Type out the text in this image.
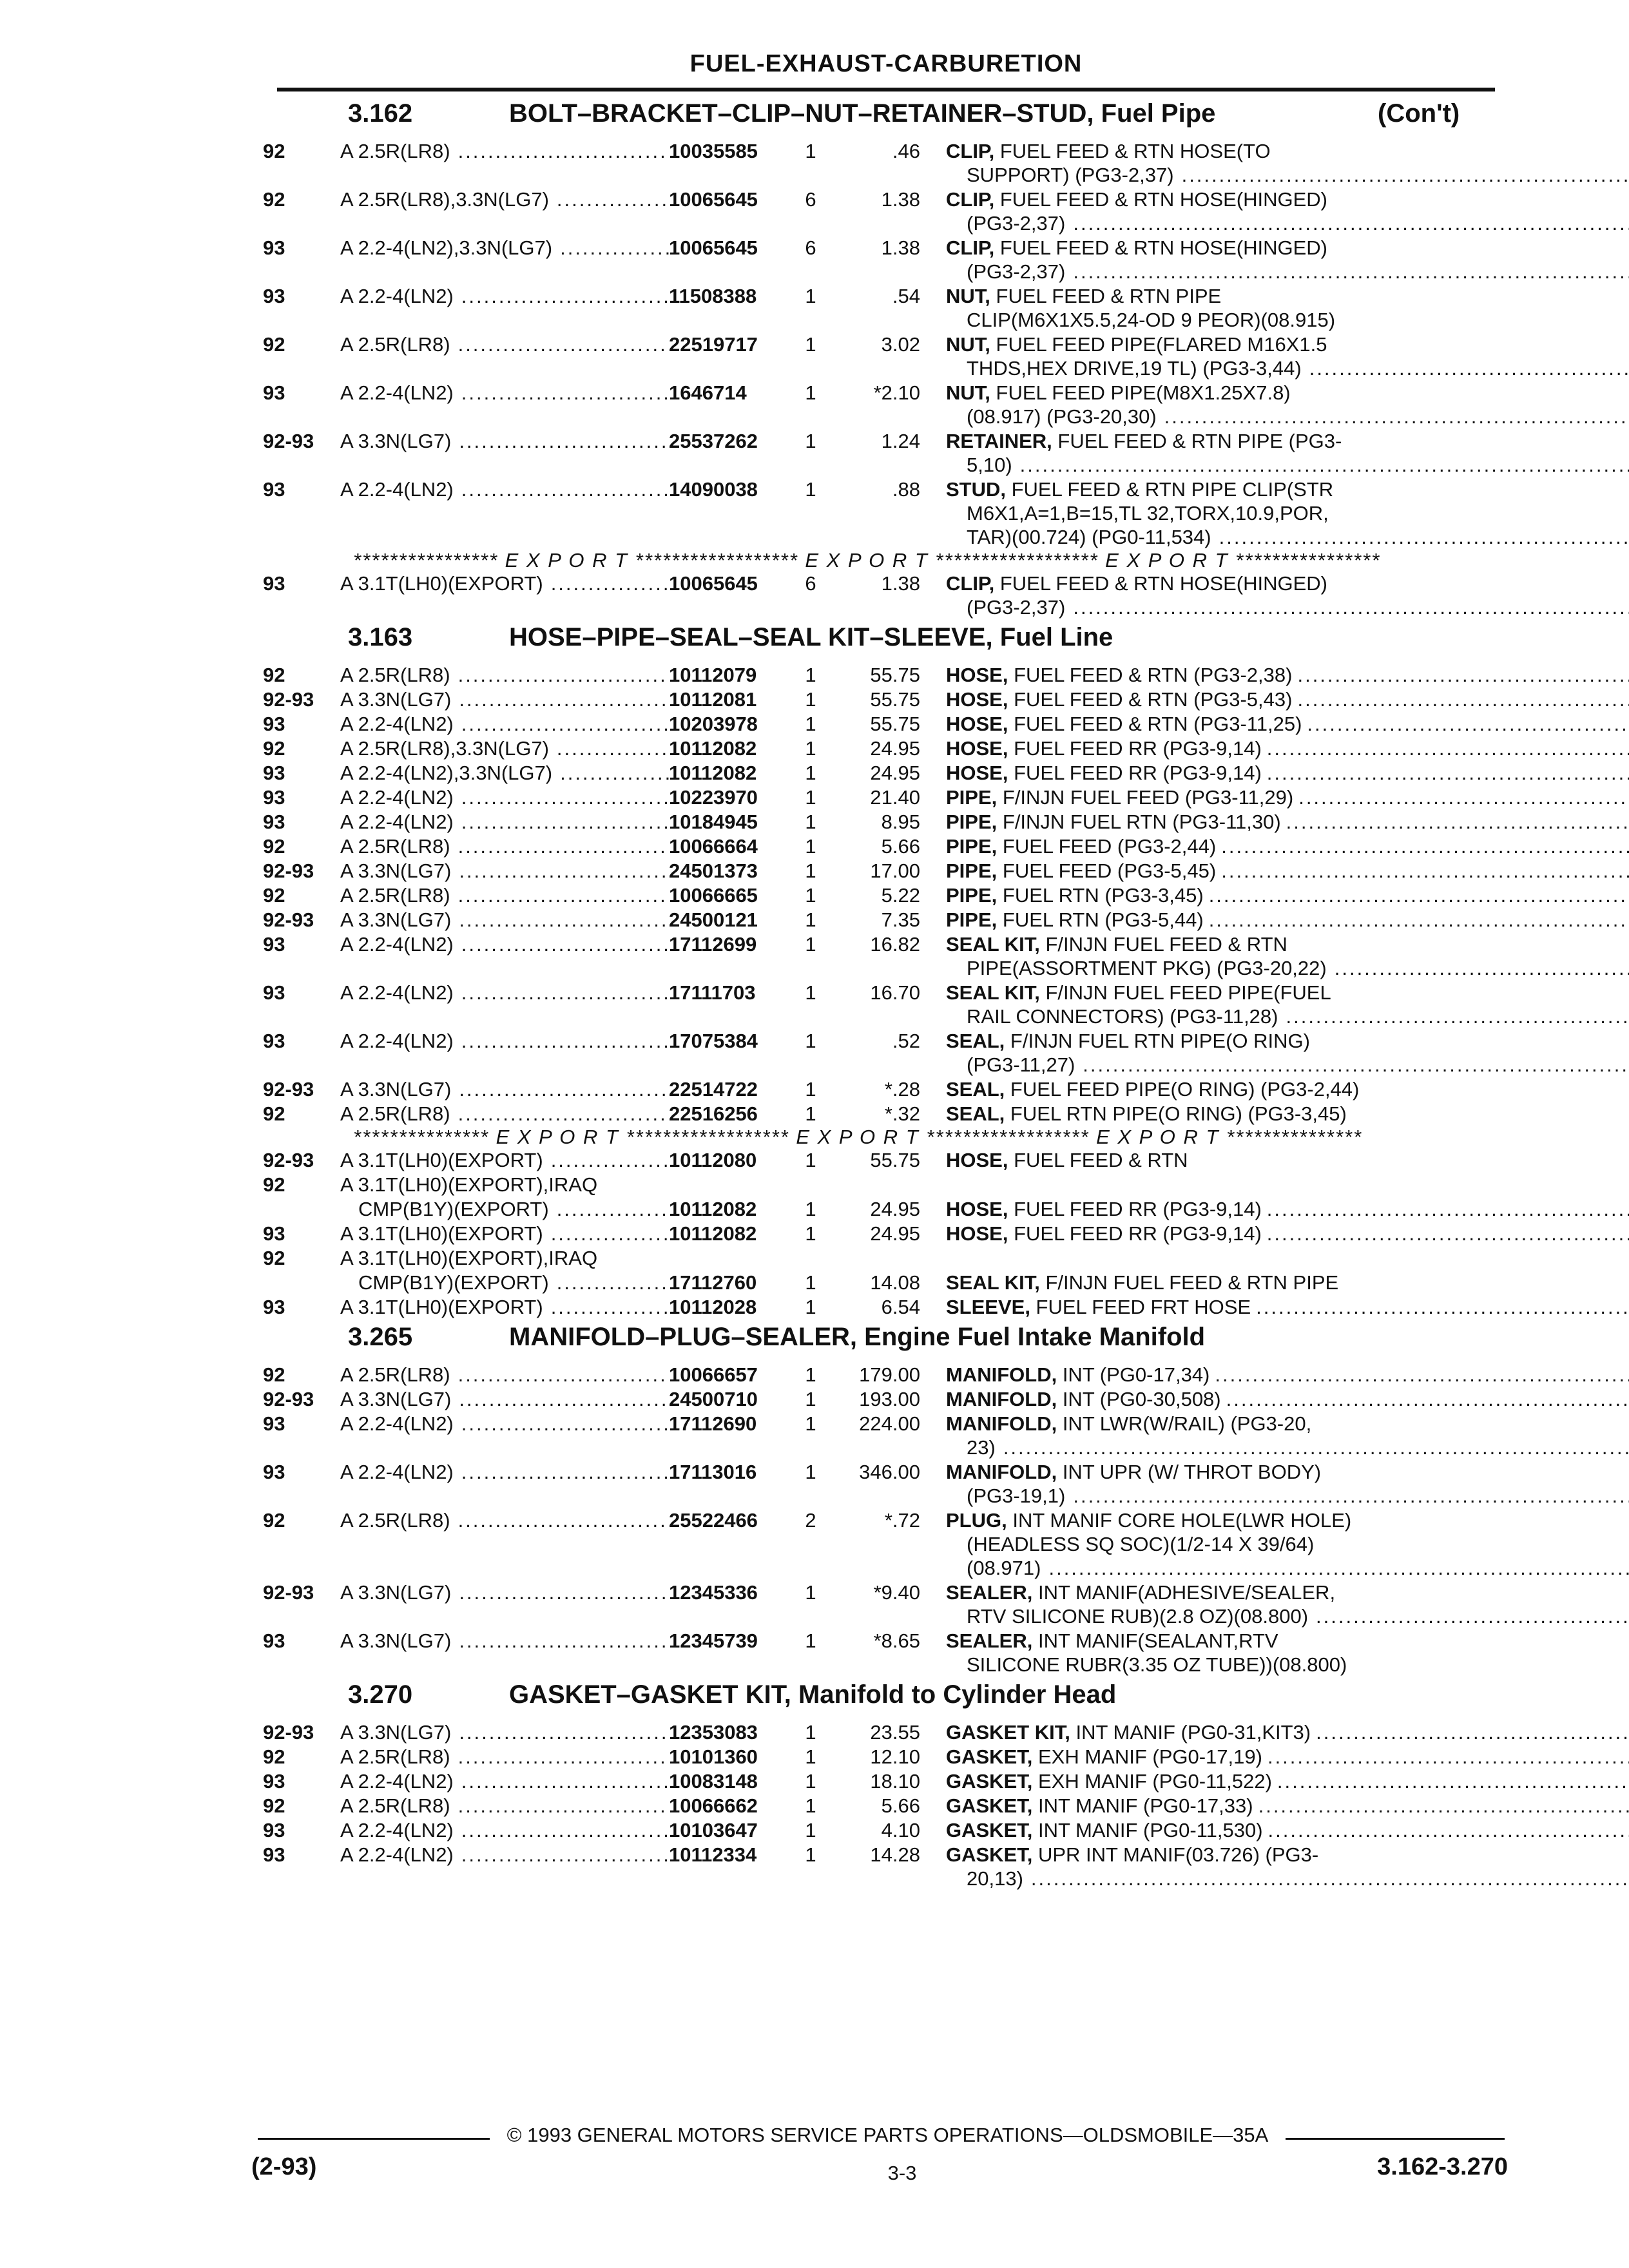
FUEL-EXHAUST-CARBURETION
3.162	BOLT–BRACKET–CLIP–NUT–RETAINER–STUD, Fuel Pipe	(Con't)
92	A 2.5R(LR8) .....	10035585	1	.46	CLIP, FUEL FEED & RTN HOSE(TO
SUPPORT) (PG3-2,37)
.....
92	A 2.5R(LR8),3.3N(LG7) .....	10065645	6	1.38	CLIP, FUEL FEED & RTN HOSE(HINGED)
(PG3-2,37)
.....
93	A 2.2-4(LN2),3.3N(LG7) .....	10065645	6	1.38	CLIP, FUEL FEED & RTN HOSE(HINGED)
(PG3-2,37)
.....
93	A 2.2-4(LN2) .....	11508388	1	.54	NUT, FUEL FEED & RTN PIPE
CLIP(M6X1X5.5,24-OD 9 PEOR)(08.915)
92	A 2.5R(LR8) .....	22519717	1	3.02	NUT, FUEL FEED PIPE(FLARED M16X1.5
THDS,HEX DRIVE,19 TL) (PG3-3,44)
.....
93	A 2.2-4(LN2) .....	1646714	1	*2.10	NUT, FUEL FEED PIPE(M8X1.25X7.8)
(08.917) (PG3-20,30)
.....
92-93	A 3.3N(LG7) .....	25537262	1	1.24	RETAINER, FUEL FEED & RTN PIPE (PG3-
5,10)
.....
93	A 2.2-4(LN2) .....	14090038	1	.88	STUD, FUEL FEED & RTN PIPE CLIP(STR
M6X1,A=1,B=15,TL 32,TORX,10.9,POR,
TAR)(00.724) (PG0-11,534)
.....
**************** E X P O R T ****************** E X P O R T ****************** E X P O R T ****************
93	A 3.1T(LH0)(EXPORT) .....	10065645	6	1.38	CLIP, FUEL FEED & RTN HOSE(HINGED)
(PG3-2,37)
.....
3.163	HOSE–PIPE–SEAL–SEAL KIT–SLEEVE, Fuel Line
92	A 2.5R(LR8) .....	10112079	1	55.75	HOSE, FUEL FEED & RTN (PG3-2,38)
.....
92-93	A 3.3N(LG7) .....	10112081	1	55.75	HOSE, FUEL FEED & RTN (PG3-5,43)
.....
93	A 2.2-4(LN2) .....	10203978	1	55.75	HOSE, FUEL FEED & RTN (PG3-11,25)
.....
92	A 2.5R(LR8),3.3N(LG7) .....	10112082	1	24.95	HOSE, FUEL FEED RR (PG3-9,14)
.....
93	A 2.2-4(LN2),3.3N(LG7) .....	10112082	1	24.95	HOSE, FUEL FEED RR (PG3-9,14)
.....
93	A 2.2-4(LN2) .....	10223970	1	21.40	PIPE, F/INJN FUEL FEED (PG3-11,29)
.....
93	A 2.2-4(LN2) .....	10184945	1	8.95	PIPE, F/INJN FUEL RTN (PG3-11,30)
.....
92	A 2.5R(LR8) .....	10066664	1	5.66	PIPE, FUEL FEED (PG3-2,44)
.....
92-93	A 3.3N(LG7) .....	24501373	1	17.00	PIPE, FUEL FEED (PG3-5,45)
.....
92	A 2.5R(LR8) .....	10066665	1	5.22	PIPE, FUEL RTN (PG3-3,45)
.....
92-93	A 3.3N(LG7) .....	24500121	1	7.35	PIPE, FUEL RTN (PG3-5,44)
.....
93	A 2.2-4(LN2) .....	17112699	1	16.82	SEAL KIT, F/INJN FUEL FEED & RTN
PIPE(ASSORTMENT PKG) (PG3-20,22)
.....
93	A 2.2-4(LN2) .....	17111703	1	16.70	SEAL KIT, F/INJN FUEL FEED PIPE(FUEL
RAIL CONNECTORS) (PG3-11,28)
.....
93	A 2.2-4(LN2) .....	17075384	1	.52	SEAL, F/INJN FUEL RTN PIPE(O RING)
(PG3-11,27)
.....
92-93	A 3.3N(LG7) .....	22514722	1	*.28	SEAL, FUEL FEED PIPE(O RING) (PG3-2,44)
92	A 2.5R(LR8) .....	22516256	1	*.32	SEAL, FUEL RTN PIPE(O RING) (PG3-3,45)
*************** E X P O R T ****************** E X P O R T ****************** E X P O R T ***************
92-93	A 3.1T(LH0)(EXPORT) .....	10112080	1	55.75	HOSE, FUEL FEED & RTN
92	A 3.1T(LH0)(EXPORT),IRAQ
CMP(B1Y)(EXPORT) .....	10112082	1	24.95	HOSE, FUEL FEED RR (PG3-9,14)
.....
93	A 3.1T(LH0)(EXPORT) .....	10112082	1	24.95	HOSE, FUEL FEED RR (PG3-9,14)
.....
92	A 3.1T(LH0)(EXPORT),IRAQ
CMP(B1Y)(EXPORT) .....	17112760	1	14.08	SEAL KIT, F/INJN FUEL FEED & RTN PIPE
93	A 3.1T(LH0)(EXPORT) .....	10112028	1	6.54	SLEEVE, FUEL FEED FRT HOSE
.....
3.265	MANIFOLD–PLUG–SEALER, Engine Fuel Intake Manifold
92	A 2.5R(LR8) .....	10066657	1	179.00	MANIFOLD, INT (PG0-17,34)
.....
92-93	A 3.3N(LG7) .....	24500710	1	193.00	MANIFOLD, INT (PG0-30,508)
.....
93	A 2.2-4(LN2) .....	17112690	1	224.00	MANIFOLD, INT LWR(W/RAIL) (PG3-20,
23)
.....
93	A 2.2-4(LN2) .....	17113016	1	346.00	MANIFOLD, INT UPR (W/ THROT BODY)
(PG3-19,1)
.....
92	A 2.5R(LR8) .....	25522466	2	*.72	PLUG, INT MANIF CORE HOLE(LWR HOLE)
(HEADLESS SQ SOC)(1/2-14 X 39/64)
(08.971)
.....
92-93	A 3.3N(LG7) .....	12345336	1	*9.40	SEALER, INT MANIF(ADHESIVE/SEALER,
RTV SILICONE RUB)(2.8 OZ)(08.800)
.....
93	A 3.3N(LG7) .....	12345739	1	*8.65	SEALER, INT MANIF(SEALANT,RTV
SILICONE RUBR(3.35 OZ TUBE))(08.800)
3.270	GASKET–GASKET KIT, Manifold to Cylinder Head
92-93	A 3.3N(LG7) .....	12353083	1	23.55	GASKET KIT, INT MANIF (PG0-31,KIT3)
.....
92	A 2.5R(LR8) .....	10101360	1	12.10	GASKET, EXH MANIF (PG0-17,19)
.....
93	A 2.2-4(LN2) .....	10083148	1	18.10	GASKET, EXH MANIF (PG0-11,522)
.....
92	A 2.5R(LR8) .....	10066662	1	5.66	GASKET, INT MANIF (PG0-17,33)
.....
93	A 2.2-4(LN2) .....	10103647	1	4.10	GASKET, INT MANIF (PG0-11,530)
.....
93	A 2.2-4(LN2) .....	10112334	1	14.28	GASKET, UPR INT MANIF(03.726) (PG3-
20,13)
.....
© 1993 GENERAL MOTORS SERVICE PARTS OPERATIONS—OLDSMOBILE—35A
(2-93)	3-3	3.162-3.270
